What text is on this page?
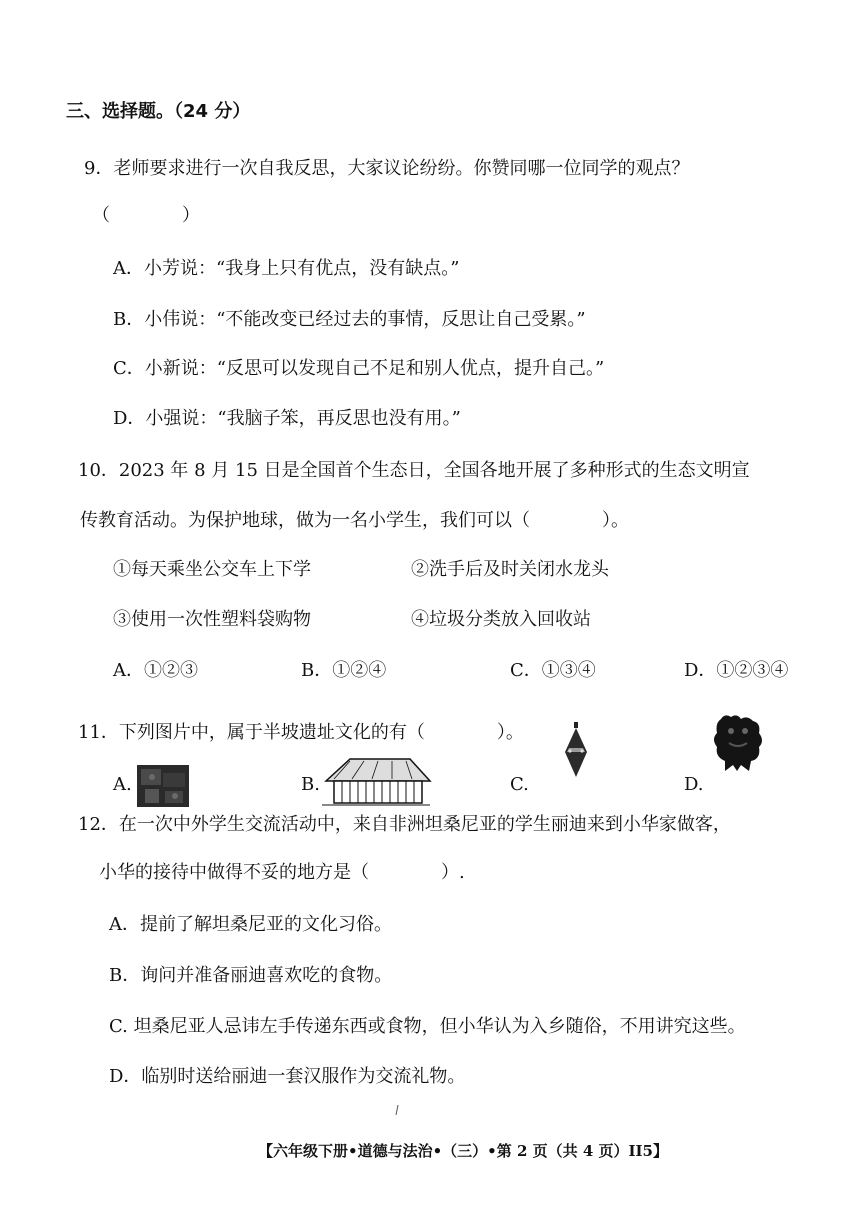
三、选择题。（24 分）
9．老师要求进行一次自我反思，大家议论纷纷。你赞同哪一位同学的观点？
（　　　　）
A．小芳说：“我身上只有优点，没有缺点。”
B．小伟说：“不能改变已经过去的事情，反思让自己受累。”
C．小新说：“反思可以发现自己不足和别人优点，提升自己。”
D．小强说：“我脑子笨，再反思也没有用。”
10．2023 年 8 月 15 日是全国首个生态日，全国各地开展了多种形式的生态文明宣
传教育活动。为保护地球，做为一名小学生，我们可以（　　　　）。
①每天乘坐公交车上下学	②洗手后及时关闭水龙头
③使用一次性塑料袋购物	④垃圾分类放入回收站
A．①②③	B．①②④	C．①③④	D．①②③④
11．下列图片中，属于半坡遗址文化的有（　　　　）。
A.	B.	C.	D.
12．在一次中外学生交流活动中，来自非洲坦桑尼亚的学生丽迪来到小华家做客，
小华的接待中做得不妥的地方是（　　　　）.
A．提前了解坦桑尼亚的文化习俗。
B．询问并准备丽迪喜欢吃的食物。
C. 坦桑尼亚人忌讳左手传递东西或食物，但小华认为入乡随俗，不用讲究这些。
D．临别时送给丽迪一套汉服作为交流礼物。
【六年级下册•道德与法治•（三）•第 2 页（共 4 页）II5】
